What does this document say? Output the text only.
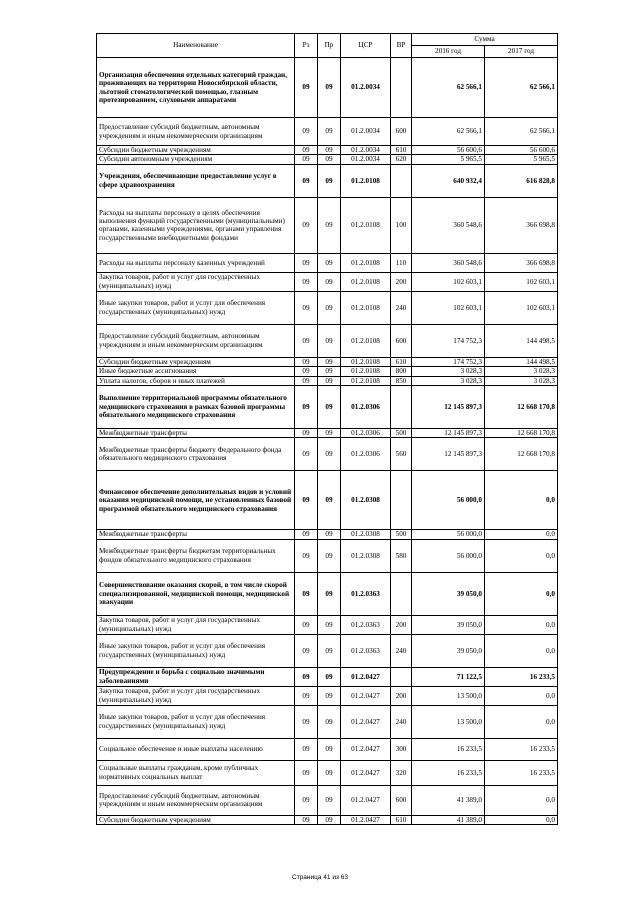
Наименование	Рз	Пр	ЦСР	ВР	Сумма	
					2016 год	2017 год
Организация обеспечения отдельных категорий граждан, проживающих на территории Новосибирской области, льготной стоматологической помощью, глазным протезированием, слуховыми аппаратами	09	09	01.2.0034		62 566,1	62 566,1
Предоставление субсидий бюджетным, автономным учреждениям и иным некоммерческим организациям	09	09	01.2.0034	600	62 566,1	62 566,1
Субсидии бюджетным учреждениям	09	09	01.2.0034	610	56 600,6	56 600,6
Субсидии автономным учреждениям	09	09	01.2.0034	620	5 965,5	5 965,5
Учреждения, обеспечивающие предоставление услуг в сфере здравоохранения	09	09	01.2.0108		640 932,4	616 828,8
Расходы на выплаты персоналу в целях обеспечения выполнения функций государственными (муниципальными) органами, казенными учреждениями, органами управления государственными внебюджетными фондами	09	09	01.2.0108	100	360 548,6	366 698,8
Расходы на выплаты персоналу казенных учреждений	09	09	01.2.0108	110	360 548,6	366 698,8
Закупка товаров, работ и услуг для государственных (муниципальных) нужд	09	09	01.2.0108	200	102 603,1	102 603,1
Иные закупки товаров, работ и услуг для обеспечения государственных (муниципальных) нужд	09	09	01.2.0108	240	102 603,1	102 603,1
Предоставление субсидий бюджетным, автономным учреждениям и иным некоммерческим организациям	09	09	01.2.0108	600	174 752,3	144 498,5
Субсидии бюджетным учреждениям	09	09	01.2.0108	610	174 752,3	144 498,5
Иные бюджетные ассигнования	09	09	01.2.0108	800	3 028,3	3 028,3
Уплата налогов, сборов и иных платежей	09	09	01.2.0108	850	3 028,3	3 028,3
Выполнение территориальной программы обязательного медицинского страхования в рамках базовой программы обязательного медицинского страхования	09	09	01.2.0306		12 145 897,3	12 668 170,8
Межбюджетные трансферты	09	09	01.2.0306	500	12 145 897,3	12 668 170,8
Межбюджетные трансферты бюджету Федерального фонда обязательного медицинского страхования	09	09	01.2.0306	560	12 145 897,3	12 668 170,8
Финансовое обеспечение дополнительных видов и условий оказания медицинской помощи, не установленных базовой программой обязательного медицинского страхования	09	09	01.2.0308		56 000,0	0,0
Межбюджетные трансферты	09	09	01.2.0308	500	56 000,0	0,0
Межбюджетные трансферты бюджетам территориальных фондов обязательного медицинского страхования	09	09	01.2.0308	580	56 000,0	0,0
Совершенствование оказания скорой, в том числе скорой специализированной, медицинской помощи, медицинской эвакуации	09	09	01.2.0363		39 050,0	0,0
Закупка товаров, работ и услуг для государственных (муниципальных) нужд	09	09	01.2.0363	200	39 050,0	0,0
Иные закупки товаров, работ и услуг для обеспечения государственных (муниципальных) нужд	09	09	01.2.0363	240	39 050,0	0,0
Предупреждение и борьба с социально значимыми заболеваниями	09	09	01.2.0427		71 122,5	16 233,5
Закупка товаров, работ и услуг для государственных (муниципальных) нужд	09	09	01.2.0427	200	13 500,0	0,0
Иные закупки товаров, работ и услуг для обеспечения государственных (муниципальных) нужд	09	09	01.2.0427	240	13 500,0	0,0
Социальное обеспечение и иные выплаты населению	09	09	01.2.0427	300	16 233,5	16 233,5
Социальные выплаты гражданам, кроме публичных нормативных социальных выплат	09	09	01.2.0427	320	16 233,5	16 233,5
Предоставление субсидий бюджетным, автономным учреждениям и иным некоммерческим организациям	09	09	01.2.0427	600	41 389,0	0,0
Субсидии бюджетным учреждениям	09	09	01.2.0427	610	41 389,0	0,0
Страница 41 из 63
